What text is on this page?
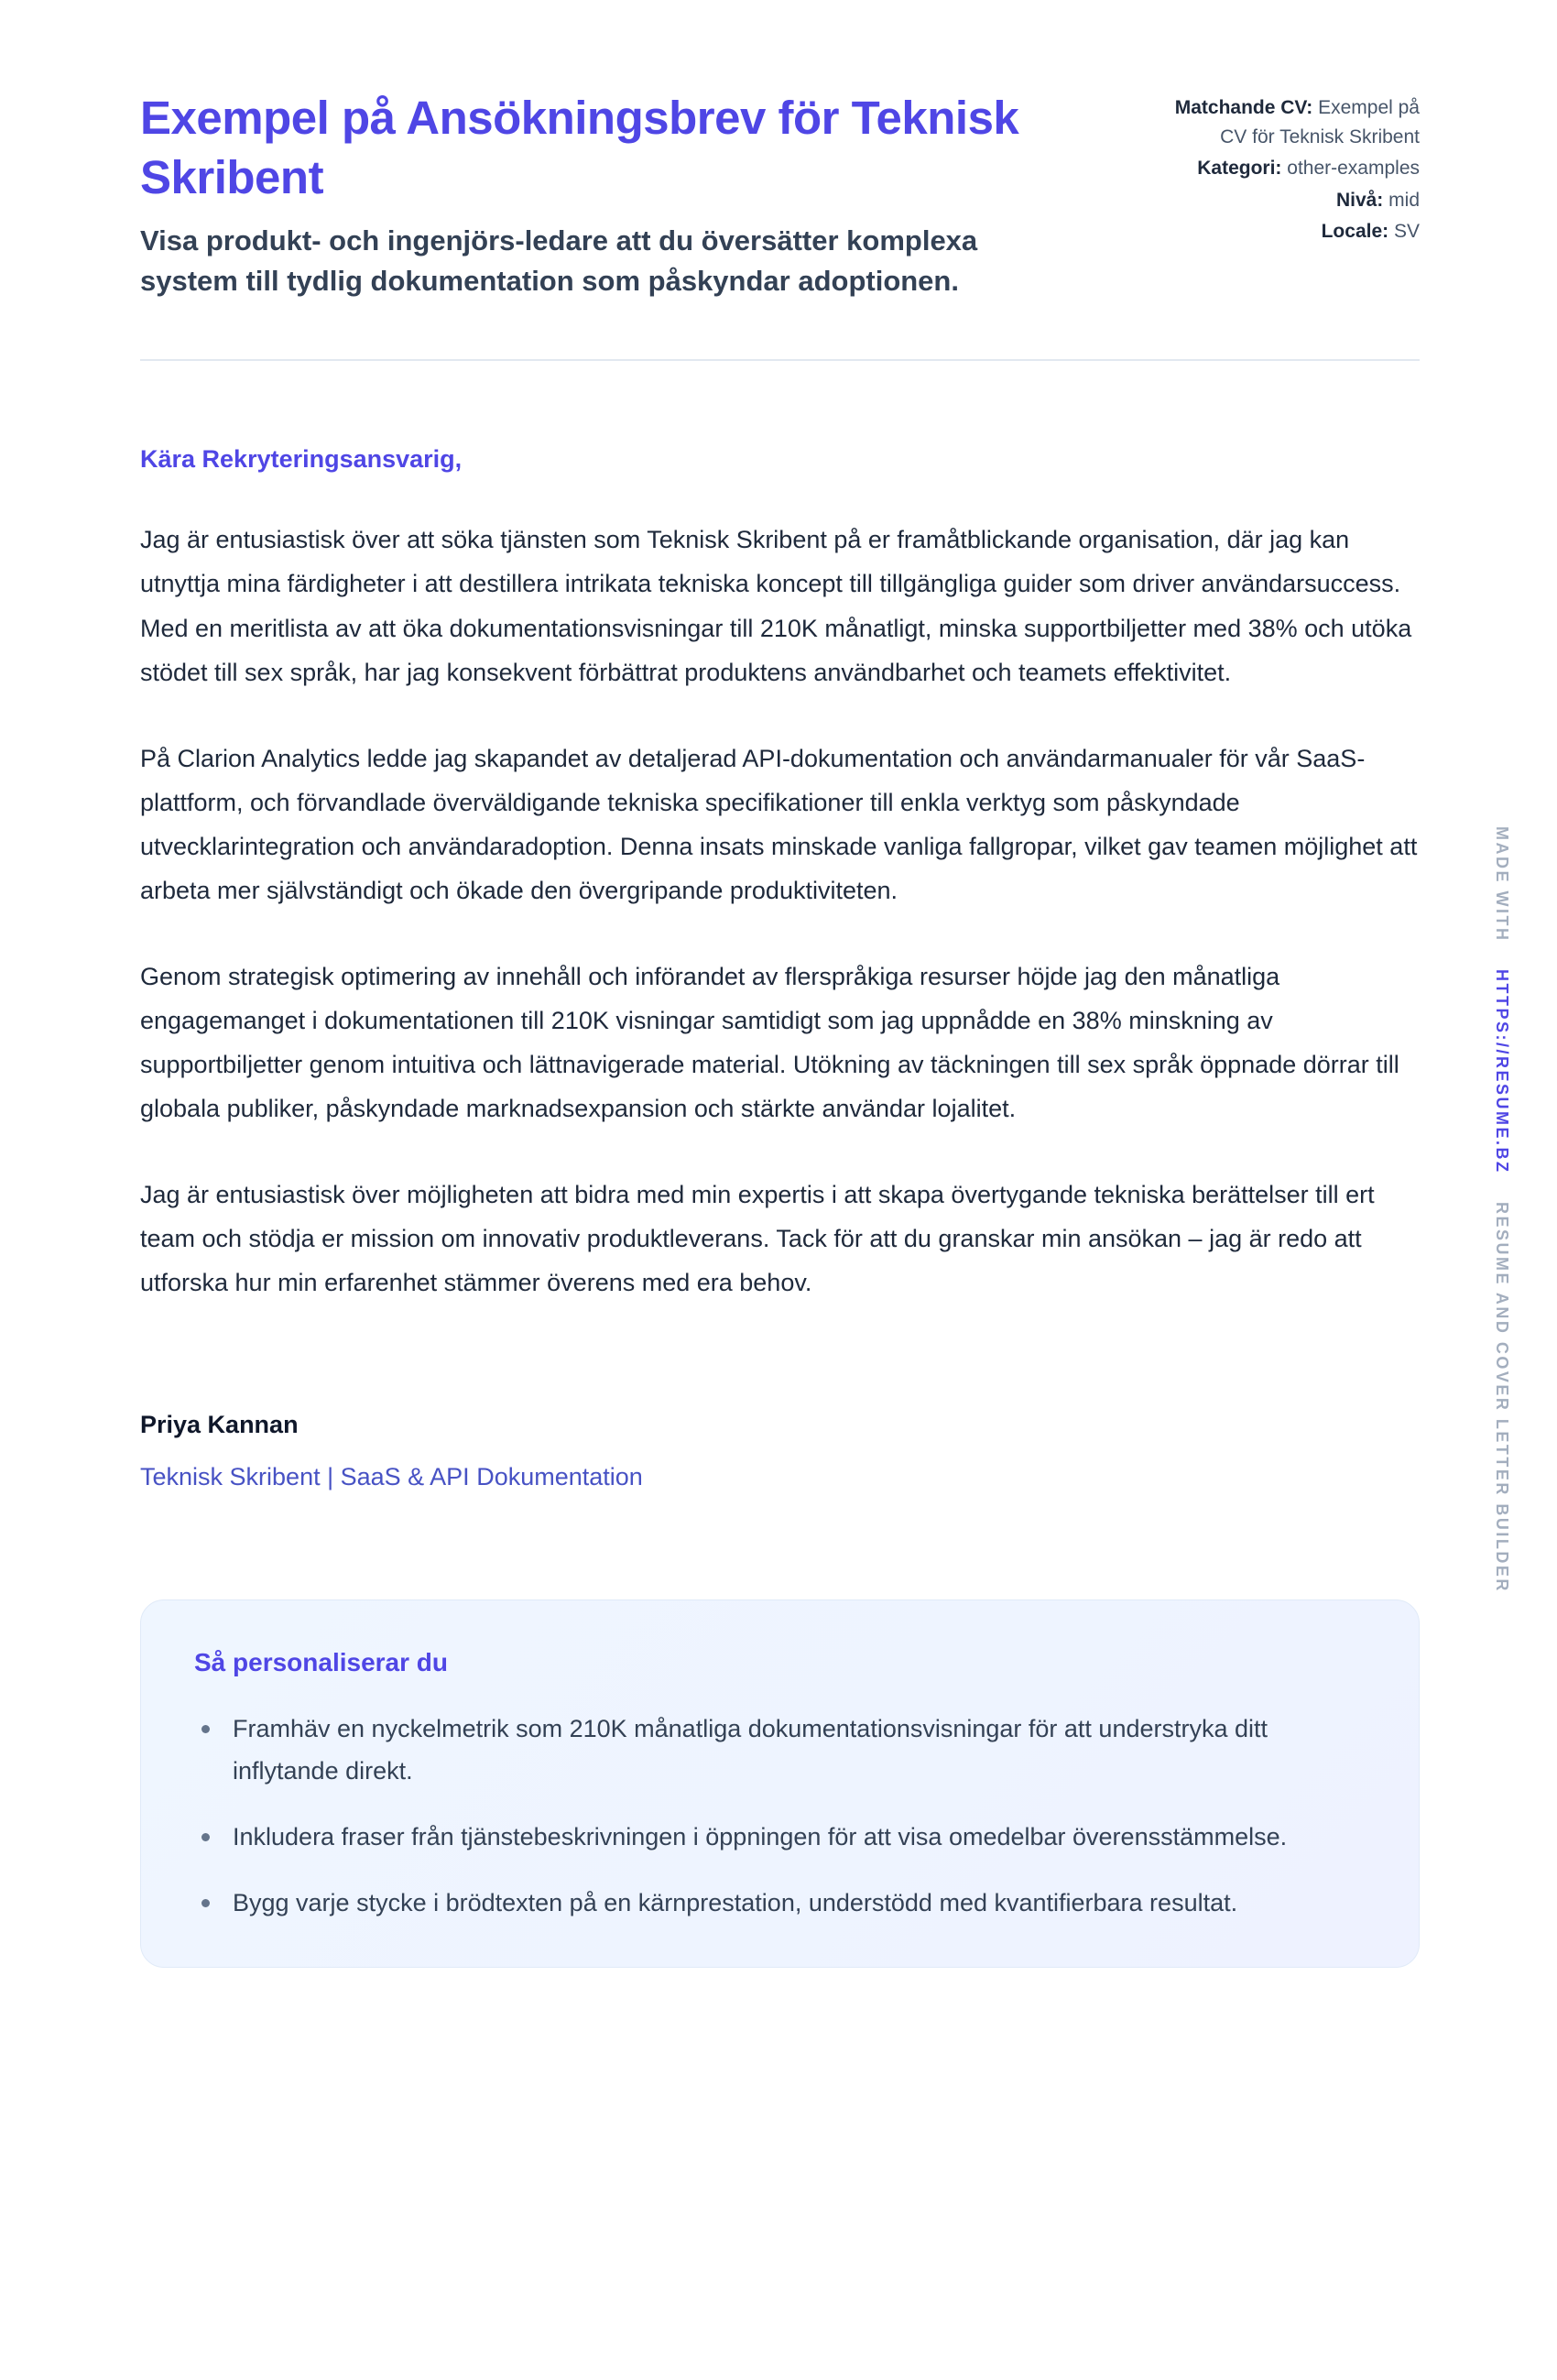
Exempel på Ansökningsbrev för Teknisk Skribent
Visa produkt- och ingenjörs-ledare att du översätter komplexa system till tydlig dokumentation som påskyndar adoptionen.
Matchande CV: Exempel på CV för Teknisk Skribent
Kategori: other-examples
Nivå: mid
Locale: SV

Kära Rekryteringsansvarig,

Jag är entusiastisk över att söka tjänsten som Teknisk Skribent på er framåtblickande organisation, där jag kan utnyttja mina färdigheter i att destillera intrikata tekniska koncept till tillgängliga guider som driver användarsuccess. Med en meritlista av att öka dokumentationsvisningar till 210K månatligt, minska supportbiljetter med 38% och utöka stödet till sex språk, har jag konsekvent förbättrat produktens användbarhet och teamets effektivitet.

På Clarion Analytics ledde jag skapandet av detaljerad API-dokumentation och användarmanualer för vår SaaS-plattform, och förvandlade överväldigande tekniska specifikationer till enkla verktyg som påskyndade utvecklarintegration och användaradoption. Denna insats minskade vanliga fallgropar, vilket gav teamen möjlighet att arbeta mer självständigt och ökade den övergripande produktiviteten.

Genom strategisk optimering av innehåll och införandet av flerspråkiga resurser höjde jag den månatliga engagemanget i dokumentationen till 210K visningar samtidigt som jag uppnådde en 38% minskning av supportbiljetter genom intuitiva och lättnavigerade material. Utökning av täckningen till sex språk öppnade dörrar till globala publiker, påskyndade marknadsexpansion och stärkte användar lojalitet.

Jag är entusiastisk över möjligheten att bidra med min expertis i att skapa övertygande tekniska berättelser till ert team och stödja er mission om innovativ produktleverans. Tack för att du granskar min ansökan – jag är redo att utforska hur min erfarenhet stämmer överens med era behov.

Priya Kannan

Teknisk Skribent | SaaS & API Dokumentation

Så personaliserar du
Framhäv en nyckelmetrik som 210K månatliga dokumentationsvisningar för att understryka ditt inflytande direkt.
Inkludera fraser från tjänstebeskrivningen i öppningen för att visa omedelbar överensstämmelse.
Bygg varje stycke i brödtexten på en kärnprestation, understödd med kvantifierbara resultat.
MADE WITH
HTTPS://RESUME.BZ
RESUME AND COVER LETTER BUILDER
